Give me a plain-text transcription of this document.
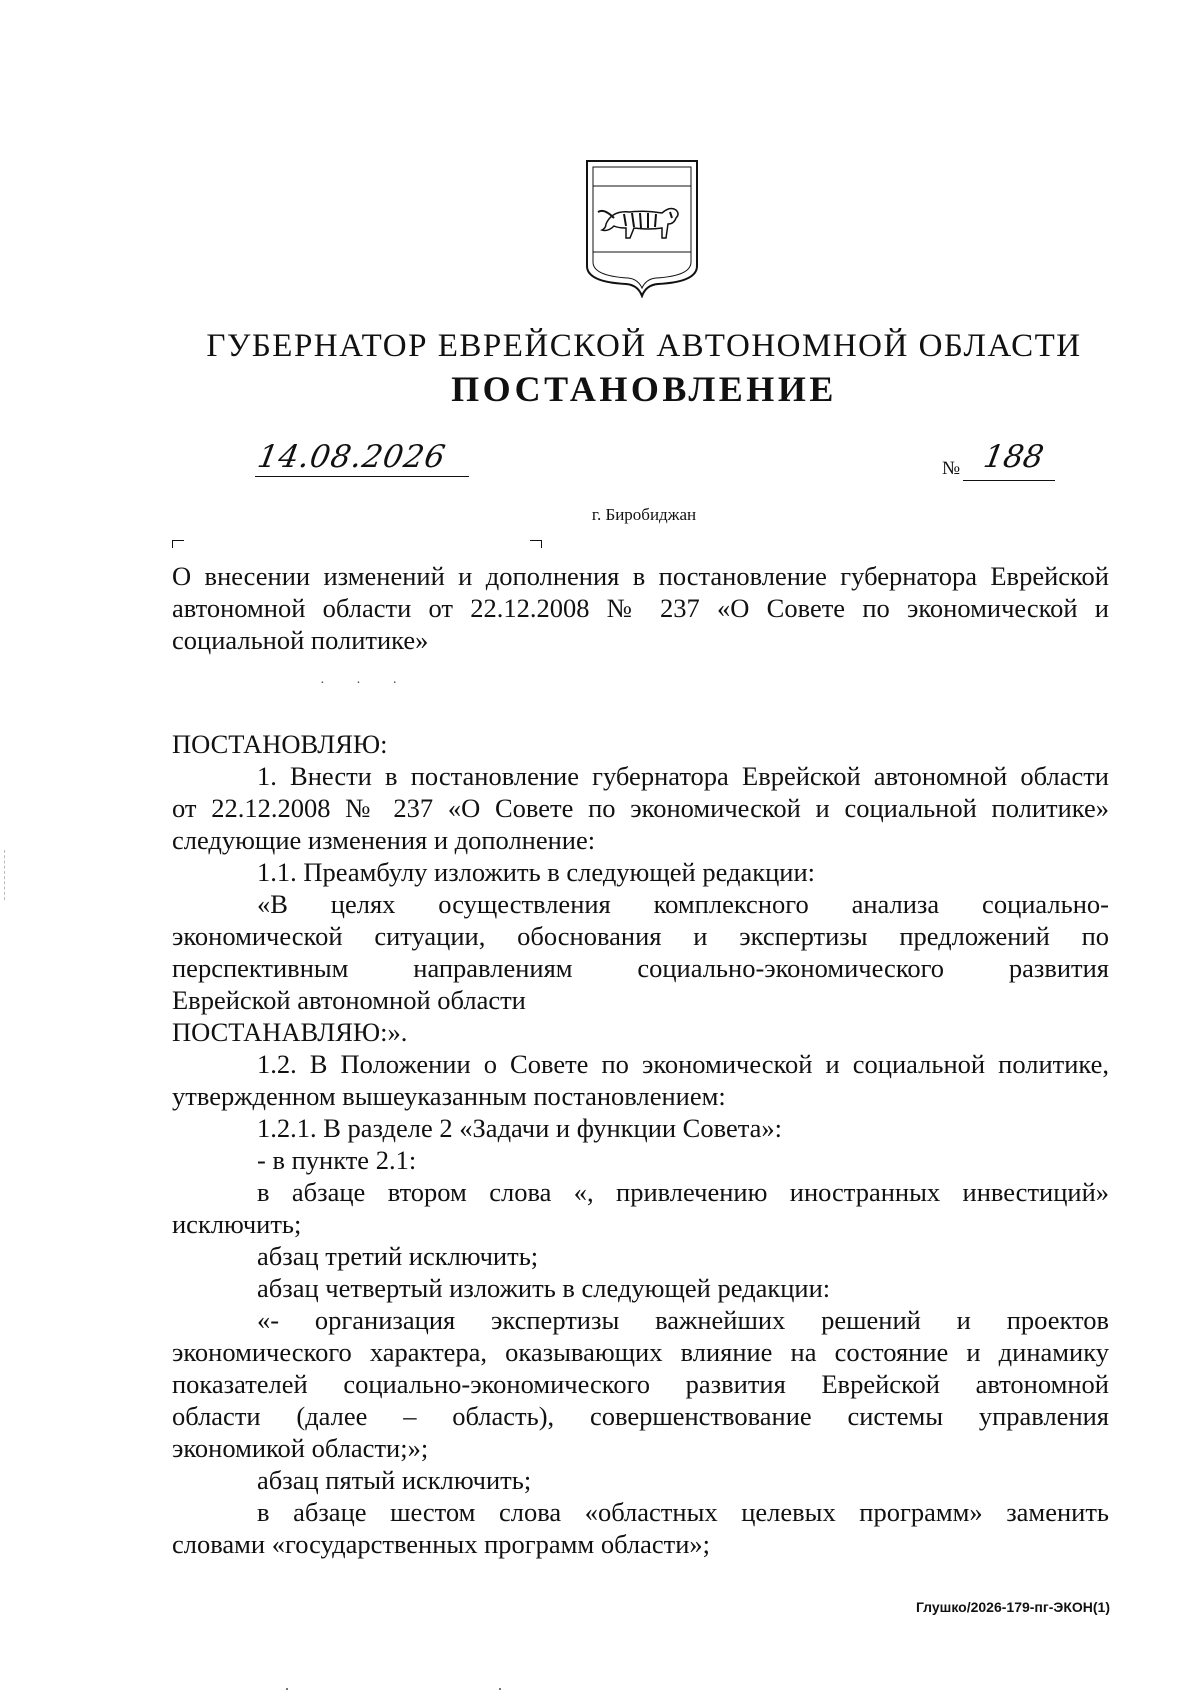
ГУБЕРНАТОР ЕВРЕЙСКОЙ АВТОНОМНОЙ ОБЛАСТИ
ПОСТАНОВЛЕНИЕ
14.08.2026	№ 188
г. Биробиджан
О внесении изменений и дополнения в постановление губернатора Еврейской
автономной области от 22.12.2008 № 237 «О Совете по экономической и
социальной политике»
· · ·
ПОСТАНОВЛЯЮ:
1. Внести в постановление губернатора Еврейской автономной области
от 22.12.2008 № 237 «О Совете по экономической и социальной политике»
следующие изменения и дополнение:
1.1. Преамбулу изложить в следующей редакции:
«В целях осуществления комплексного анализа социально-
экономической ситуации, обоснования и экспертизы предложений по
перспективным направлениям социально-экономического развития
Еврейской автономной области
ПОСТАНАВЛЯЮ:».
1.2. В Положении о Совете по экономической и социальной политике,
утвержденном вышеуказанным постановлением:
1.2.1. В разделе 2 «Задачи и функции Совета»:
- в пункте 2.1:
в абзаце втором слова «, привлечению иностранных инвестиций»
исключить;
абзац третий исключить;
абзац четвертый изложить в следующей редакции:
«- организация экспертизы важнейших решений и проектов
экономического характера, оказывающих влияние на состояние и динамику
показателей социально-экономического развития Еврейской автономной
области (далее – область), совершенствование системы управления
экономикой области;»;
абзац пятый исключить;
в абзаце шестом слова «областных целевых программ» заменить
словами «государственных программ области»;
Глушко/2026-179-пг-ЭКОН(1)
